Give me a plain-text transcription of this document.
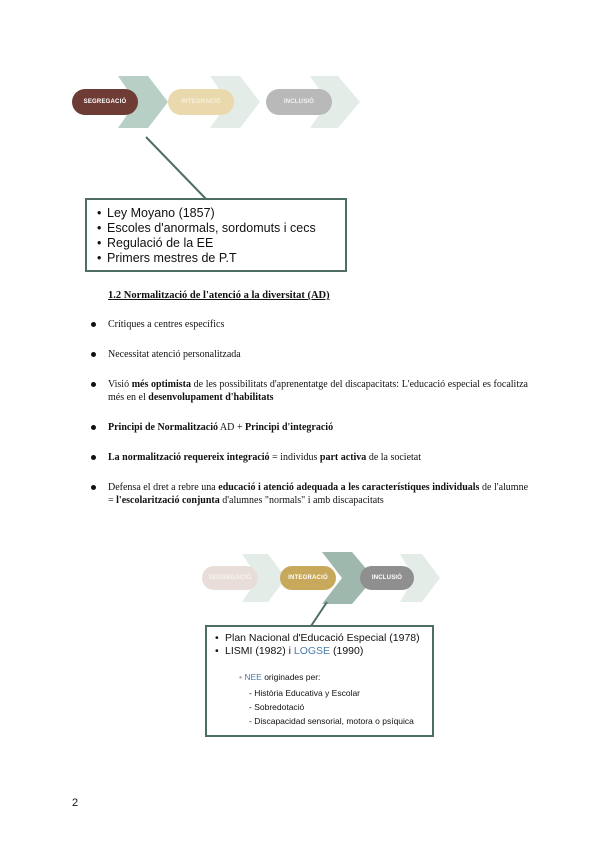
SEGREGACIÓ	INTEGRACIÓ	INCLUSIÓ
• Ley Moyano (1857)
• Escoles d'anormals, sordomuts i cecs
• Regulació de la EE
• Primers mestres de P.T
1.2 Normalització de l'atenció a la diversitat (AD)
Crítiques a centres específics
Necessitat atenció personalitzada
Visió més optimista de les possibilitats d'aprenentatge del discapacitats: L'educació especial es focalitza més en el desenvolupament d'habilitats
Principi de Normalització AD + Principi d'integració
La normalització requereix integració = individus part activa de la societat
Defensa el dret a rebre una educació i atenció adequada a les característiques individuals de l'alumne = l'escolarització conjunta d'alumnes "normals" i amb discapacitats
SEGREGACIÓ	INTEGRACIÓ	INCLUSIÓ
• Plan Nacional d'Educació Especial (1978)
• LISMI (1982) i LOGSE (1990)
• NEE originades per:
- Història Educativa y Escolar
- Sobredotació
- Discapacidad sensorial, motora o psíquica
2
